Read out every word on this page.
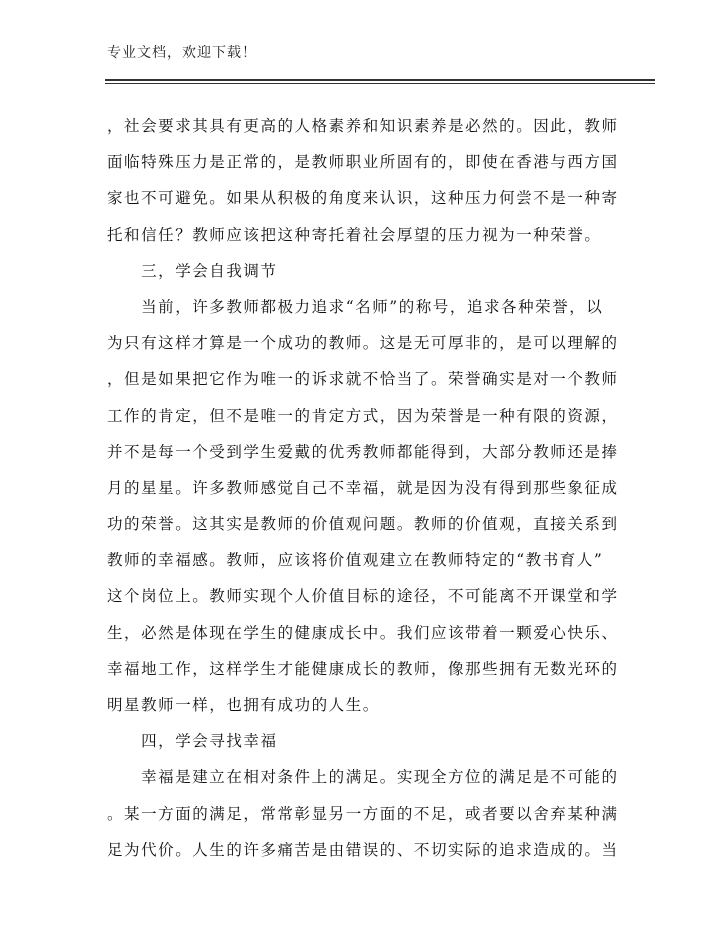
专业文档，欢迎下载！
，社会要求其具有更高的人格素养和知识素养是必然的。因此，教师
面临特殊压力是正常的，是教师职业所固有的，即使在香港与西方国
家也不可避免。如果从积极的角度来认识，这种压力何尝不是一种寄
托和信任？教师应该把这种寄托着社会厚望的压力视为一种荣誉。
　　三，学会自我调节
　　当前，许多教师都极力追求“名师”的称号，追求各种荣誉，以
为只有这样才算是一个成功的教师。这是无可厚非的，是可以理解的
，但是如果把它作为唯一的诉求就不恰当了。荣誉确实是对一个教师
工作的肯定，但不是唯一的肯定方式，因为荣誉是一种有限的资源，
并不是每一个受到学生爱戴的优秀教师都能得到，大部分教师还是捧
月的星星。许多教师感觉自己不幸福，就是因为没有得到那些象征成
功的荣誉。这其实是教师的价值观问题。教师的价值观，直接关系到
教师的幸福感。教师，应该将价值观建立在教师特定的“教书育人”
这个岗位上。教师实现个人价值目标的途径，不可能离不开课堂和学
生，必然是体现在学生的健康成长中。我们应该带着一颗爱心快乐、
幸福地工作，这样学生才能健康成长的教师，像那些拥有无数光环的
明星教师一样，也拥有成功的人生。
　　四，学会寻找幸福
　　幸福是建立在相对条件上的满足。实现全方位的满足是不可能的
。某一方面的满足，常常彰显另一方面的不足，或者要以舍弃某种满
足为代价。人生的许多痛苦是由错误的、不切实际的追求造成的。当
